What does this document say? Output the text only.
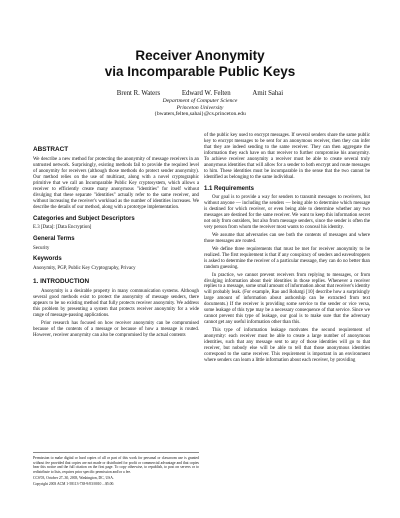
Receiver Anonymity
via Incomparable Public Keys
Brent R. Waters	Edward W. Felten	Amit Sahai
Department of Computer Science
Princeton University
{bwaters,felten,sahai}@cs.princeton.edu
ABSTRACT

We describe a new method for protecting the anonymity of message receivers in an untrusted network. Surprisingly, existing methods fail to provide the required level of anonymity for receivers (although those methods do protect sender anonymity). Our method relies on the use of multicast, along with a novel cryptographic primitive that we call an Incomparable Public Key cryptosystem, which allows a receiver to efficiently create many anonymous "identities" for itself without divulging that these separate "identities" actually refer to the same receiver, and without increasing the receiver's workload as the number of identities increases. We describe the details of our method, along with a prototype implementation.

Categories and Subject Descriptors

E.3 [Data]: [Data Encryption]

General Terms

Security

Keywords

Anonymity, PGP, Public Key Cryptography, Privacy

1. INTRODUCTION

Anonymity is a desirable property in many communication systems. Although several good methods exist to protect the anonymity of message senders, there appears to be no existing method that fully protects receiver anonymity. We address this problem by presenting a system that protects receiver anonymity for a wide range of message-passing applications.

Prior research has focused on how receiver anonymity can be compromised because of the contents of a message or because of how a message is routed. However, receiver anonymity can also be compromised by the actual contents

Permission to make digital or hard copies of all or part of this work for personal or classroom use is granted without fee provided that copies are not made or distributed for profit or commercial advantage and that copies bear this notice and the full citation on the first page. To copy otherwise, to republish, to post on servers or to redistribute to lists, requires prior specific permission and/or a fee.

CCS'03, October 27–30, 2003, Washington, DC, USA.

Copyright 2003 ACM 1-58113-738-9/03/0010 ...$5.00.

of the public key used to encrypt messages. If several senders share the same public key to encrypt messages to be sent for an anonymous receiver, then they can infer that they are indeed sending to the same receiver. They can then aggregate the information they each have on that receiver to further compromise his anonymity. To achieve receiver anonymity a receiver must be able to create several truly anonymous identities that will allow for a sender to both encrypt and route messages to him. These identities must be incomparable in the sense that the two cannot be identified as belonging to the same individual.

1.1 Requirements

Our goal is to provide a way for senders to transmit messages to receivers, but without anyone — including the senders — being able to determine which message is destined for which receiver, or even being able to determine whether any two messages are destined for the same receiver. We want to keep this information secret not only from outsiders, but also from message senders, since the sender is often the very person from whom the receiver most wants to conceal his identity.

We assume that adversaries can see both the contents of messages and where those messages are routed.

We define three requirements that must be met for receiver anonymity to be realized. The first requirement is that if any conspiracy of senders and eavesdroppers is asked to determine the receiver of a particular message, they can do no better than random guessing.

In practice, we cannot prevent receivers from replying to messages, or from divulging information about their identities in those replies. Whenever a receiver replies to a message, some small amount of information about that receiver's identity will probably leak. (For example, Rao and Rohatgi [10] describe how a surprisingly large amount of information about authorship can be extracted from text documents.) If the receiver is providing some service to the sender or vice versa, some leakage of this type may be a necessary consequence of that service. Since we cannot prevent this type of leakage, our goal is to make sure that the adversary cannot get any useful information other than this.

This type of information leakage motivates the second requirement of anonymity: each receiver must be able to create a large number of anonymous identities, such that any message sent to any of those identities will go to that receiver, but nobody else will be able to tell that those anonymous identities correspond to the same receiver. This requirement is important in an environment where senders can learn a little information about each receiver, by providing
